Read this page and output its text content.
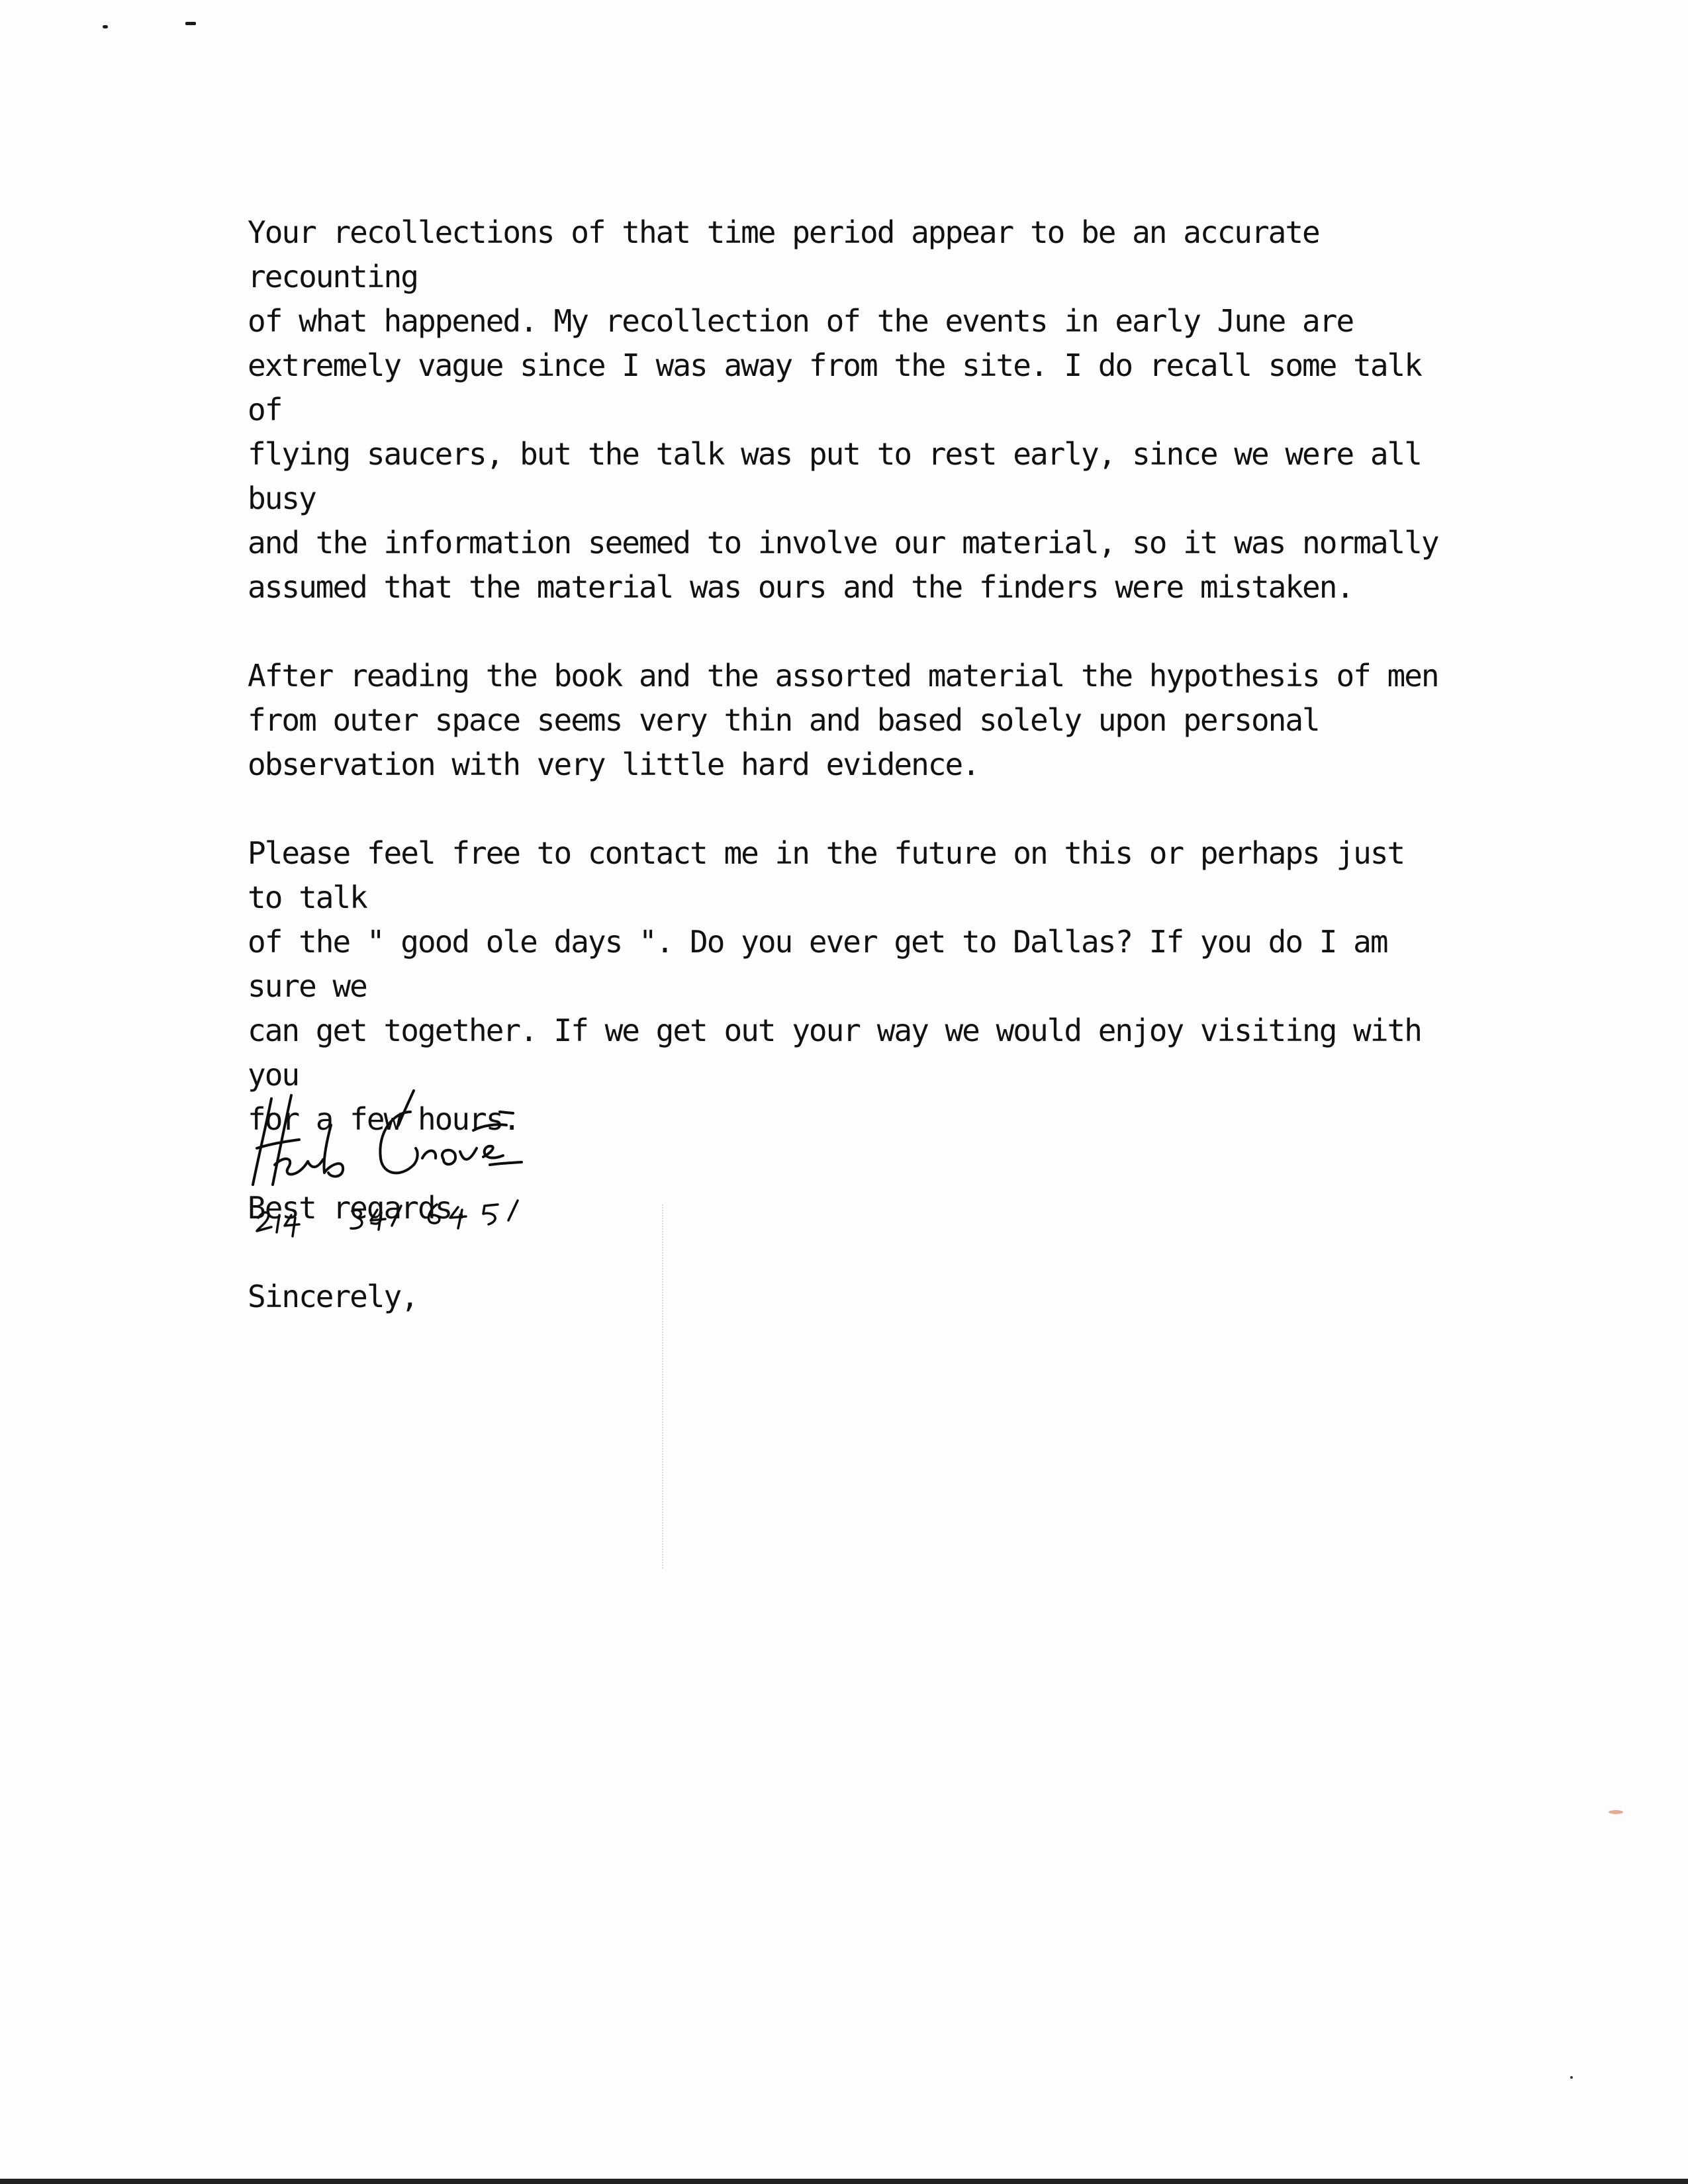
Your recollections of that time period appear to be an accurate recounting
of what happened. My recollection of the events in early June are
extremely vague since I was away from the site. I do recall some talk of
flying saucers, but the talk was put to rest early, since we were all busy
and the information seemed to involve our material, so it was normally
assumed that the material was ours and the finders were mistaken.

After reading the book and the assorted material the hypothesis of men
from outer space seems very thin and based solely upon personal
observation with very little hard evidence.

Please feel free to contact me in the future on this or perhaps just to talk
of the " good ole days ". Do you ever get to Dallas? If you do I am sure we
can get together. If we get out your way we would enjoy visiting with you
for a few hours.

Best regards.

Sincerely,
